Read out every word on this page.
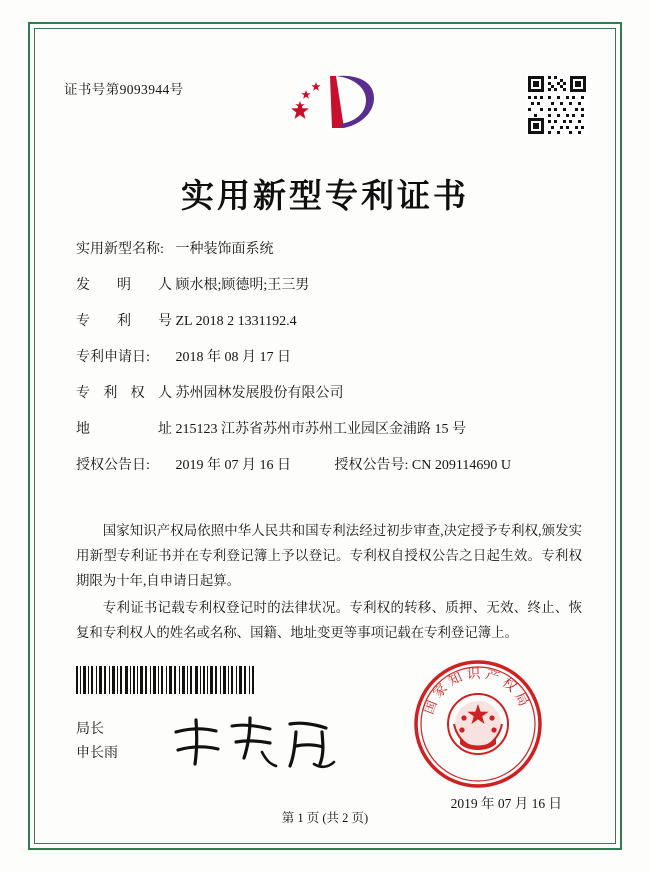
证书号第9093944号
实用新型专利证书
实用新型名称: 一种装饰面系统
发明人 顾水根;顾德明;王三男
专利号 ZL 2018 2 1331192.4
专利申请日: 2018 年 08 月 17 日
专利权人 苏州园林发展股份有限公司
地址 215123 江苏省苏州市苏州工业园区金浦路 15 号
授权公告日: 2019 年 07 月 16 日	授权公告号: CN 209114690 U

国家知识产权局依照中华人民共和国专利法经过初步审查,决定授予专利权,颁发实用新型专利证书并在专利登记簿上予以登记。专利权自授权公告之日起生效。专利权期限为十年,自申请日起算。

专利证书记载专利权登记时的法律状况。专利权的转移、质押、无效、终止、恢复和专利权人的姓名或名称、国籍、地址变更等事项记载在专利登记簿上。

局长
申长雨
国家知识产权局
2019 年 07 月 16 日
第 1 页 (共 2 页)
